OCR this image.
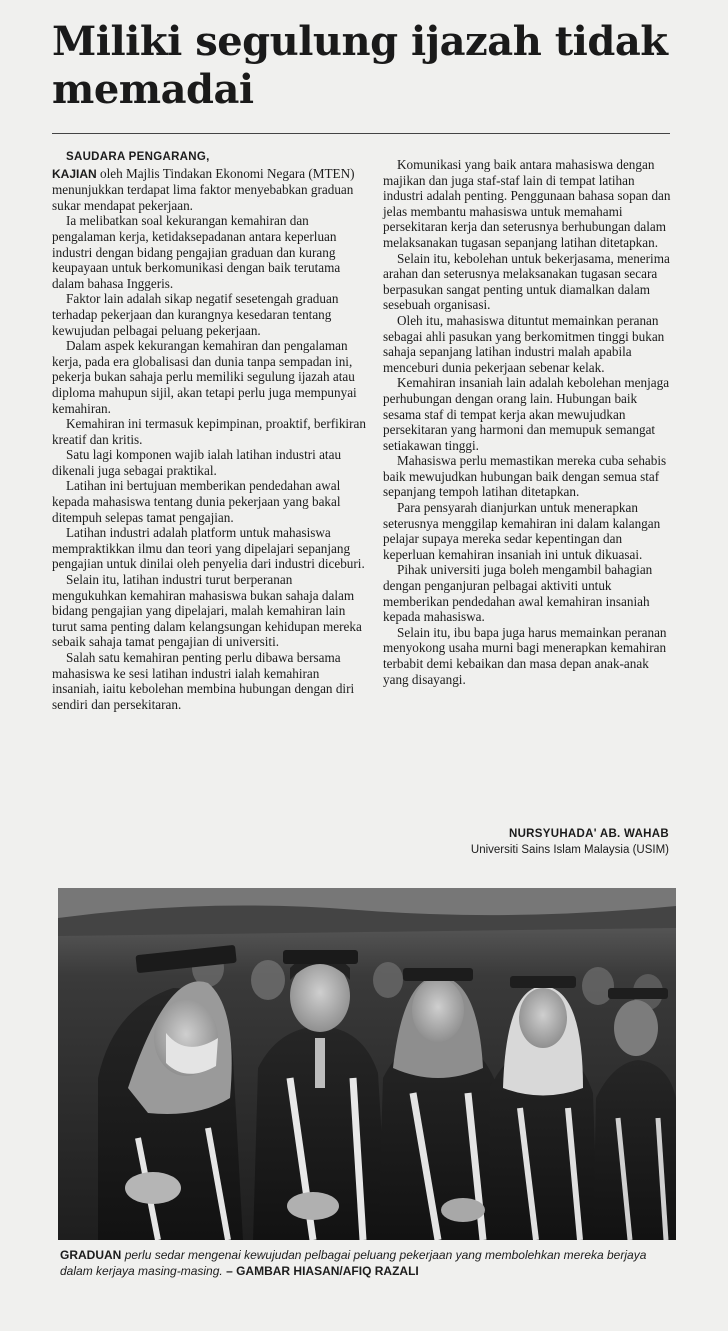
Miliki segulung ijazah tidak memadai

SAUDARA PENGARANG,

KAJIAN oleh Majlis Tindakan Ekonomi Negara (MTEN) menunjukkan terdapat lima faktor menyebabkan graduan sukar mendapat pekerjaan.

Ia melibatkan soal kekurangan kemahiran dan pengalaman kerja, ketidaksepadanan antara keperluan industri dengan bidang pengajian graduan dan kurang keupayaan untuk berkomunikasi dengan baik terutama dalam bahasa Inggeris.

Faktor lain adalah sikap negatif sesetengah graduan terhadap pekerjaan dan kurangnya kesedaran tentang kewujudan pelbagai peluang pekerjaan.

Dalam aspek kekurangan kemahiran dan pengalaman kerja, pada era globalisasi dan dunia tanpa sempadan ini, pekerja bukan sahaja perlu memiliki segulung ijazah atau diploma mahupun sijil, akan tetapi perlu juga mempunyai kemahiran.

Kemahiran ini termasuk kepimpinan, proaktif, berfikiran kreatif dan kritis.

Satu lagi komponen wajib ialah latihan industri atau dikenali juga sebagai praktikal.

Latihan ini bertujuan memberikan pendedahan awal kepada mahasiswa tentang dunia pekerjaan yang bakal ditempuh selepas tamat pengajian.

Latihan industri adalah platform untuk mahasiswa mempraktikkan ilmu dan teori yang dipelajari sepanjang pengajian untuk dinilai oleh penyelia dari industri diceburi.

Selain itu, latihan industri turut berperanan mengukuhkan kemahiran mahasiswa bukan sahaja dalam bidang pengajian yang dipelajari, malah kemahiran lain turut sama penting dalam kelangsungan kehidupan mereka sebaik sahaja tamat pengajian di universiti.

Salah satu kemahiran penting perlu dibawa bersama mahasiswa ke sesi latihan industri ialah kemahiran insaniah, iaitu kebolehan membina hubungan dengan diri sendiri dan persekitaran.

Komunikasi yang baik antara mahasiswa dengan majikan dan juga staf-staf lain di tempat latihan industri adalah penting. Penggunaan bahasa sopan dan jelas membantu mahasiswa untuk memahami persekitaran kerja dan seterusnya berhubungan dalam melaksanakan tugasan sepanjang latihan ditetapkan.

Selain itu, kebolehan untuk bekerjasama, menerima arahan dan seterusnya melaksanakan tugasan secara berpasukan sangat penting untuk diamalkan dalam sesebuah organisasi.

Oleh itu, mahasiswa dituntut memainkan peranan sebagai ahli pasukan yang berkomitmen tinggi bukan sahaja sepanjang latihan industri malah apabila menceburi dunia pekerjaan sebenar kelak.

Kemahiran insaniah lain adalah kebolehan menjaga perhubungan dengan orang lain. Hubungan baik sesama staf di tempat kerja akan mewujudkan persekitaran yang harmoni dan memupuk semangat setiakawan tinggi.

Mahasiswa perlu memastikan mereka cuba sehabis baik mewujudkan hubungan baik dengan semua staf sepanjang tempoh latihan ditetapkan.

Para pensyarah dianjurkan untuk menerapkan seterusnya menggilap kemahiran ini dalam kalangan pelajar supaya mereka sedar kepentingan dan keperluan kemahiran insaniah ini untuk dikuasai.

Pihak universiti juga boleh mengambil bahagian dengan penganjuran pelbagai aktiviti untuk memberikan pendedahan awal kemahiran insaniah kepada mahasiswa.

Selain itu, ibu bapa juga harus memainkan peranan menyokong usaha murni bagi menerapkan kemahiran terbabit demi kebaikan dan masa depan anak-anak yang disayangi.

NURSYUHADA' AB. WAHAB
Universiti Sains Islam Malaysia (USIM)
GRADUAN perlu sedar mengenai kewujudan pelbagai peluang pekerjaan yang membolehkan mereka berjaya dalam kerjaya masing-masing. – GAMBAR HIASAN/AFIQ RAZALI
